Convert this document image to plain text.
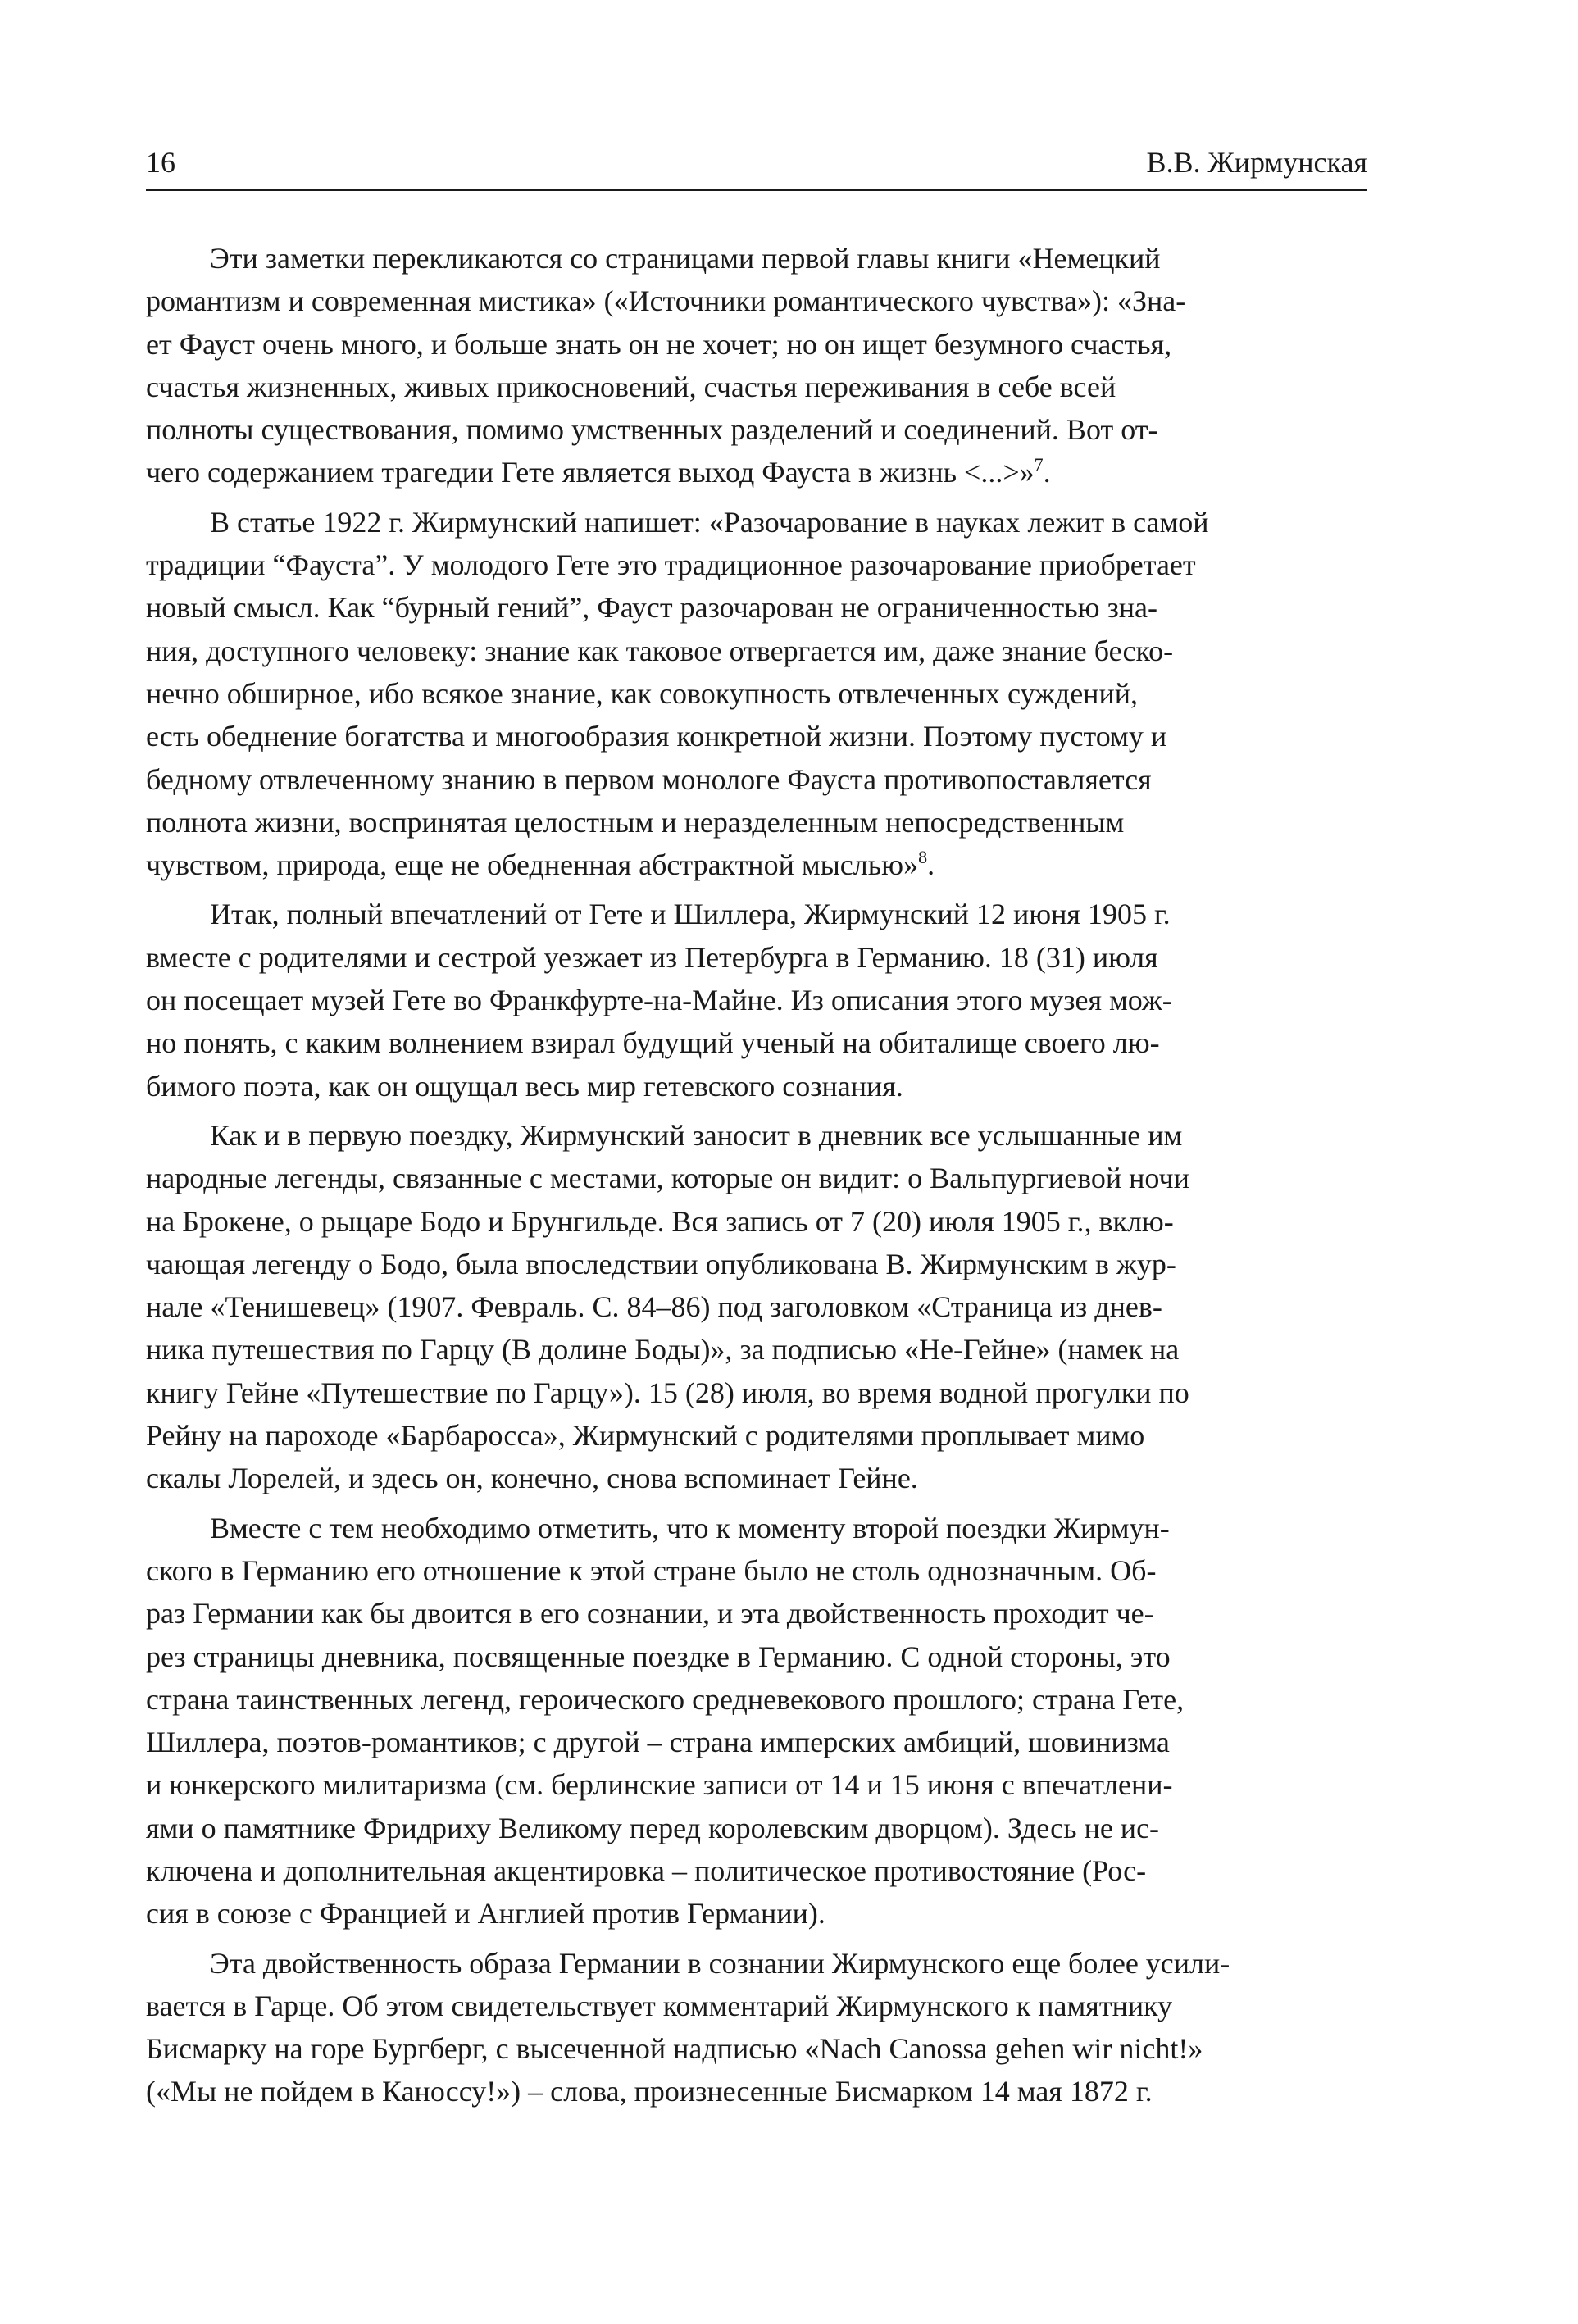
16	В.В. Жирмунская
Эти заметки перекликаются со страницами первой главы книги «Немецкий
романтизм и современная мистика» («Источники романтического чувства»): «Зна-
ет Фауст очень много, и больше знать он не хочет; но он ищет безумного счастья,
счастья жизненных, живых прикосновений, счастья переживания в себе всей
полноты существования, помимо умственных разделений и соединений. Вот от-
чего содержанием трагедии Гете является выход Фауста в жизнь <...>»$^7$.
В статье 1922 г. Жирмунский напишет: «Разочарование в науках лежит в самой
традиции “Фауста”. У молодого Гете это традиционное разочарование приобретает
новый смысл. Как “бурный гений”, Фауст разочарован не ограниченностью зна-
ния, доступного человеку: знание как таковое отвергается им, даже знание беско-
нечно обширное, ибо всякое знание, как совокупность отвлеченных суждений,
есть обеднение богатства и многообразия конкретной жизни. Поэтому пустому и
бедному отвлеченному знанию в первом монологе Фауста противопоставляется
полнота жизни, воспринятая целостным и неразделенным непосредственным
чувством, природа, еще не обедненная абстрактной мыслью»$^8$.
Итак, полный впечатлений от Гете и Шиллера, Жирмунский 12 июня 1905 г.
вместе с родителями и сестрой уезжает из Петербурга в Германию. 18 (31) июля
он посещает музей Гете во Франкфурте-на-Майне. Из описания этого музея мож-
но понять, с каким волнением взирал будущий ученый на обиталище своего лю-
бимого поэта, как он ощущал весь мир гетевского сознания.
Как и в первую поездку, Жирмунский заносит в дневник все услышанные им
народные легенды, связанные с местами, которые он видит: о Вальпургиевой ночи
на Брокене, о рыцаре Бодо и Брунгильде. Вся запись от 7 (20) июля 1905 г., вклю-
чающая легенду о Бодо, была впоследствии опубликована В. Жирмунским в жур-
нале «Тенишевец» (1907. Февраль. С. 84–86) под заголовком «Страница из днев-
ника путешествия по Гарцу (В долине Боды)», за подписью «Не-Гейне» (намек на
книгу Гейне «Путешествие по Гарцу»). 15 (28) июля, во время водной прогулки по
Рейну на пароходе «Барбаросса», Жирмунский с родителями проплывает мимо
скалы Лорелей, и здесь он, конечно, снова вспоминает Гейне.
Вместе с тем необходимо отметить, что к моменту второй поездки Жирмун-
ского в Германию его отношение к этой стране было не столь однозначным. Об-
раз Германии как бы двоится в его сознании, и эта двойственность проходит че-
рез страницы дневника, посвященные поездке в Германию. С одной стороны, это
страна таинственных легенд, героического средневекового прошлого; страна Гете,
Шиллера, поэтов-романтиков; с другой – страна имперских амбиций, шовинизма
и юнкерского милитаризма (см. берлинские записи от 14 и 15 июня с впечатлени-
ями о памятнике Фридриху Великому перед королевским дворцом). Здесь не ис-
ключена и дополнительная акцентировка – политическое противостояние (Рос-
сия в союзе с Францией и Англией против Германии).
Эта двойственность образа Германии в сознании Жирмунского еще более усили-
вается в Гарце. Об этом свидетельствует комментарий Жирмунского к памятнику
Бисмарку на горе Бургберг, с высеченной надписью «Nach Canossa gehen wir nicht!»
(«Мы не пойдем в Каноссу!») – слова, произнесенные Бисмарком 14 мая 1872 г.
